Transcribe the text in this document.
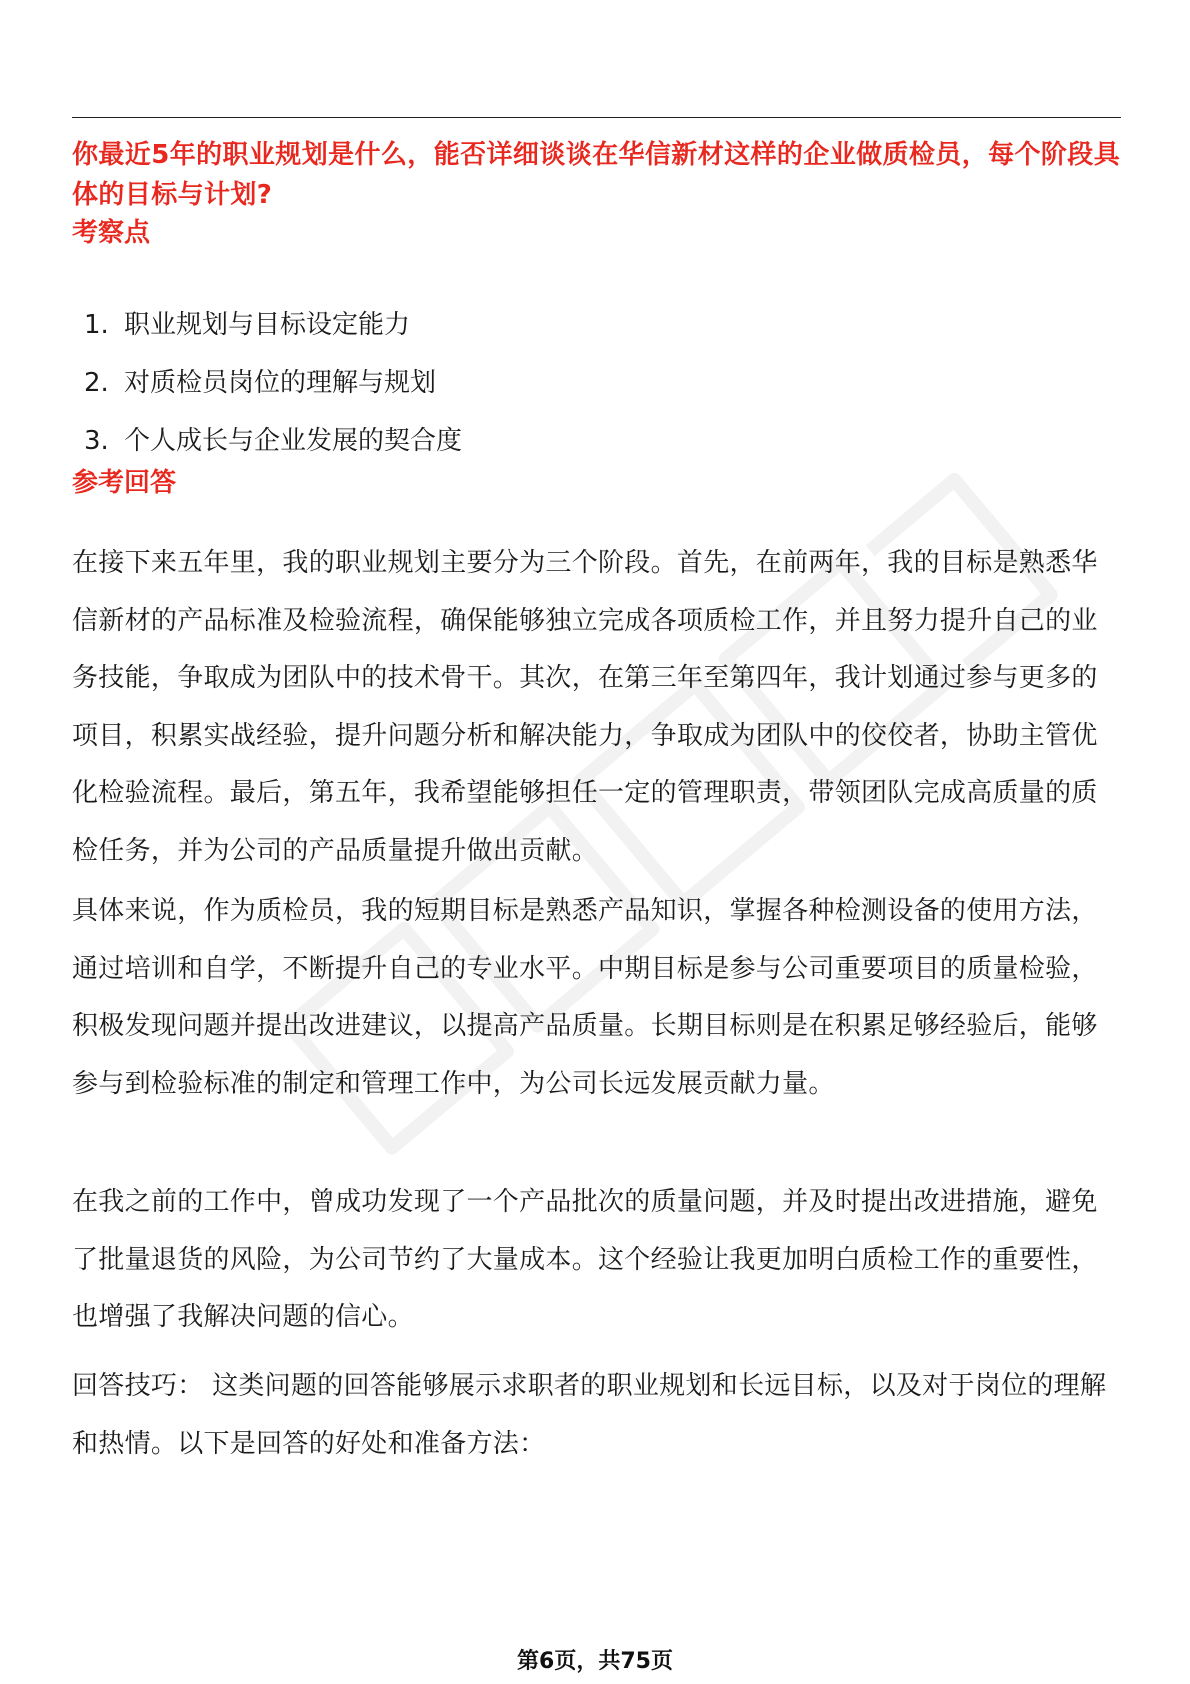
你最近5年的职业规划是什么，能否详细谈谈在华信新材这样的企业做质检员，每个阶段具体的目标与计划?
考察点
1. 职业规划与目标设定能力
2. 对质检员岗位的理解与规划
3. 个人成长与企业发展的契合度
参考回答

在接下来五年里，我的职业规划主要分为三个阶段。首先，在前两年，我的目标是熟悉华信新材的产品标准及检验流程，确保能够独立完成各项质检工作，并且努力提升自己的业务技能，争取成为团队中的技术骨干。其次，在第三年至第四年，我计划通过参与更多的项目，积累实战经验，提升问题分析和解决能力，争取成为团队中的佼佼者，协助主管优化检验流程。最后，第五年，我希望能够担任一定的管理职责，带领团队完成高质量的质检任务，并为公司的产品质量提升做出贡献。

具体来说，作为质检员，我的短期目标是熟悉产品知识，掌握各种检测设备的使用方法，通过培训和自学，不断提升自己的专业水平。中期目标是参与公司重要项目的质量检验，积极发现问题并提出改进建议，以提高产品质量。长期目标则是在积累足够经验后，能够参与到检验标准的制定和管理工作中，为公司长远发展贡献力量。

在我之前的工作中，曾成功发现了一个产品批次的质量问题，并及时提出改进措施，避免了批量退货的风险，为公司节约了大量成本。这个经验让我更加明白质检工作的重要性，也增强了我解决问题的信心。

回答技巧： 这类问题的回答能够展示求职者的职业规划和长远目标，以及对于岗位的理解和热情。以下是回答的好处和准备方法：

第6页，共75页
